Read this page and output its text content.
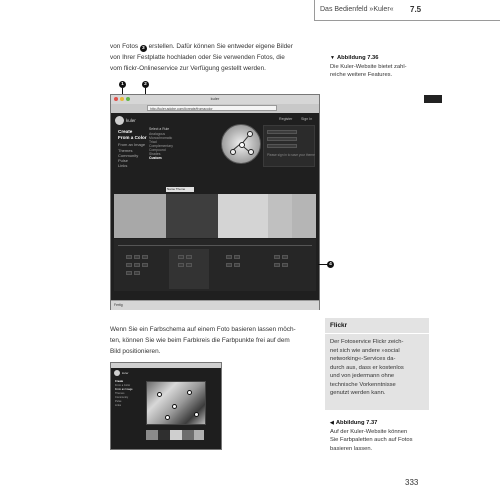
Das Bedienfeld »Kuler« 7.5
von Fotos 3 erstellen. Dafür können Sie entweder eigene Bilder
von Ihrer Festplatte hochladen oder Sie verwenden Fotos, die
vom flickr-Onlineservice zur Verfügung gestellt werden.
▼ Abbildung 7.36
Die Kuler-Website bietet zahl-
reiche weitere Features.
1	2
kuler
http://kuler.adobe.com/#create/fromacolor
kuler	Register Sign In
Create
From a Color
From an Image
Themes
Community
Pulse
Links
Select a Rule
Analogous
Monochromatic
Triad
Complementary
Compound
Shades
Custom
Please sign in to save your theme
Name Theme
Fertig
4
Wenn Sie ein Farbschema auf einem Foto basieren lassen möch-
ten, können Sie wie beim Farbkreis die Farbpunkte frei auf dem
Bild positionieren.
Flickr
Der Fotoservice Flickr zeich-
net sich wie andere »social
networking«-Services da-
durch aus, dass er kostenlos
und von jedermann ohne
technische Vorkenntnisse
genutzt werden kann.
◀ Abbildung 7.37
Auf der Kuler-Website können
Sie Farbpaletten auch auf Fotos
basieren lassen.
kuler
Create
From a Color
From an Image
Themes
Community
Pulse
Links
333
